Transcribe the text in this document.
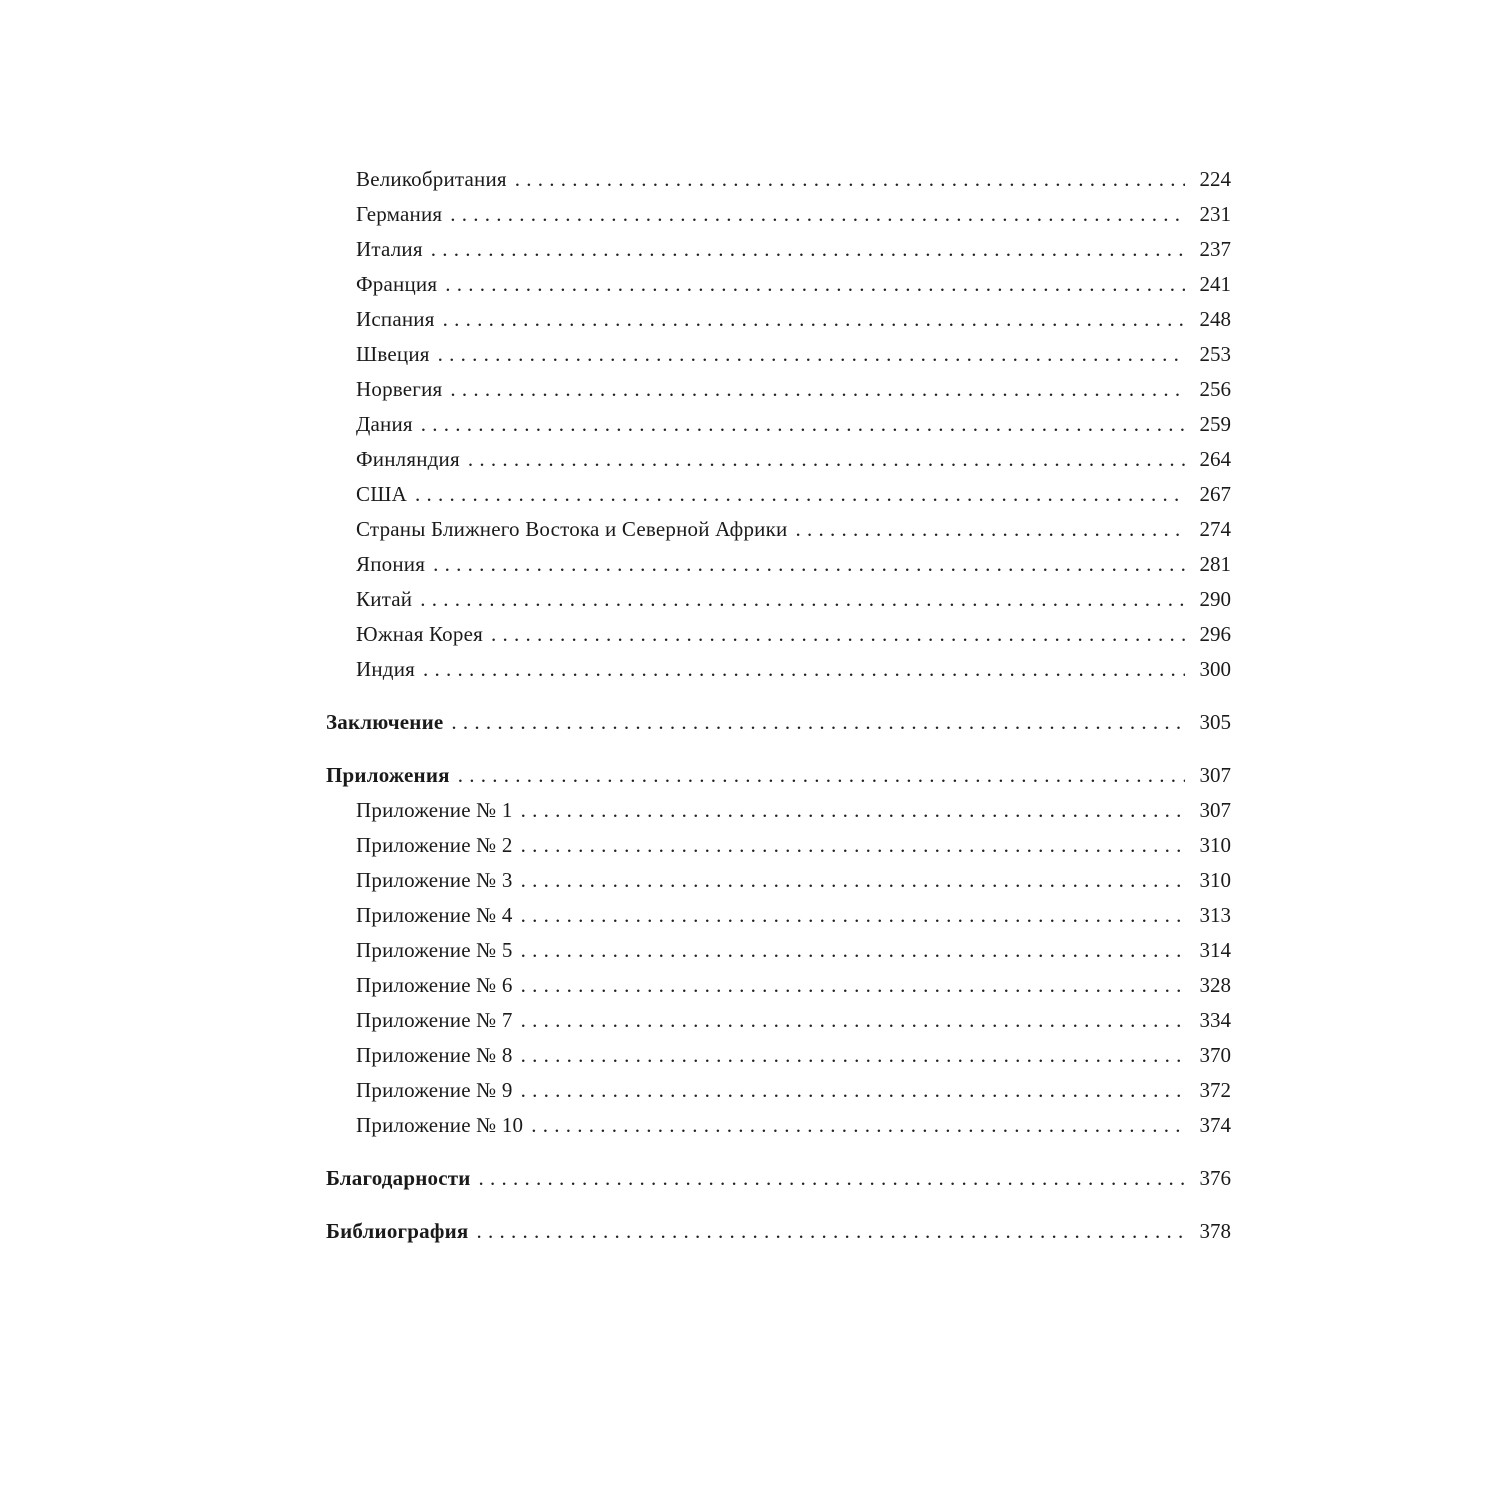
Великобритания . . .	224
Германия . . .	231
Италия . . .	237
Франция . . .	241
Испания . . .	248
Швеция . . .	253
Норвегия . . .	256
Дания . . .	259
Финляндия . . .	264
США . . .	267
Страны Ближнего Востока и Северной Африки . . .	274
Япония . . .	281
Китай . . .	290
Южная Корея . . .	296
Индия . . .	300
Заключение . . .	305
Приложения . . .	307
Приложение № 1 . . .	307
Приложение № 2 . . .	310
Приложение № 3 . . .	310
Приложение № 4 . . .	313
Приложение № 5 . . .	314
Приложение № 6 . . .	328
Приложение № 7 . . .	334
Приложение № 8 . . .	370
Приложение № 9 . . .	372
Приложение № 10 . . .	374
Благодарности . . .	376
Библиография . . .	378
